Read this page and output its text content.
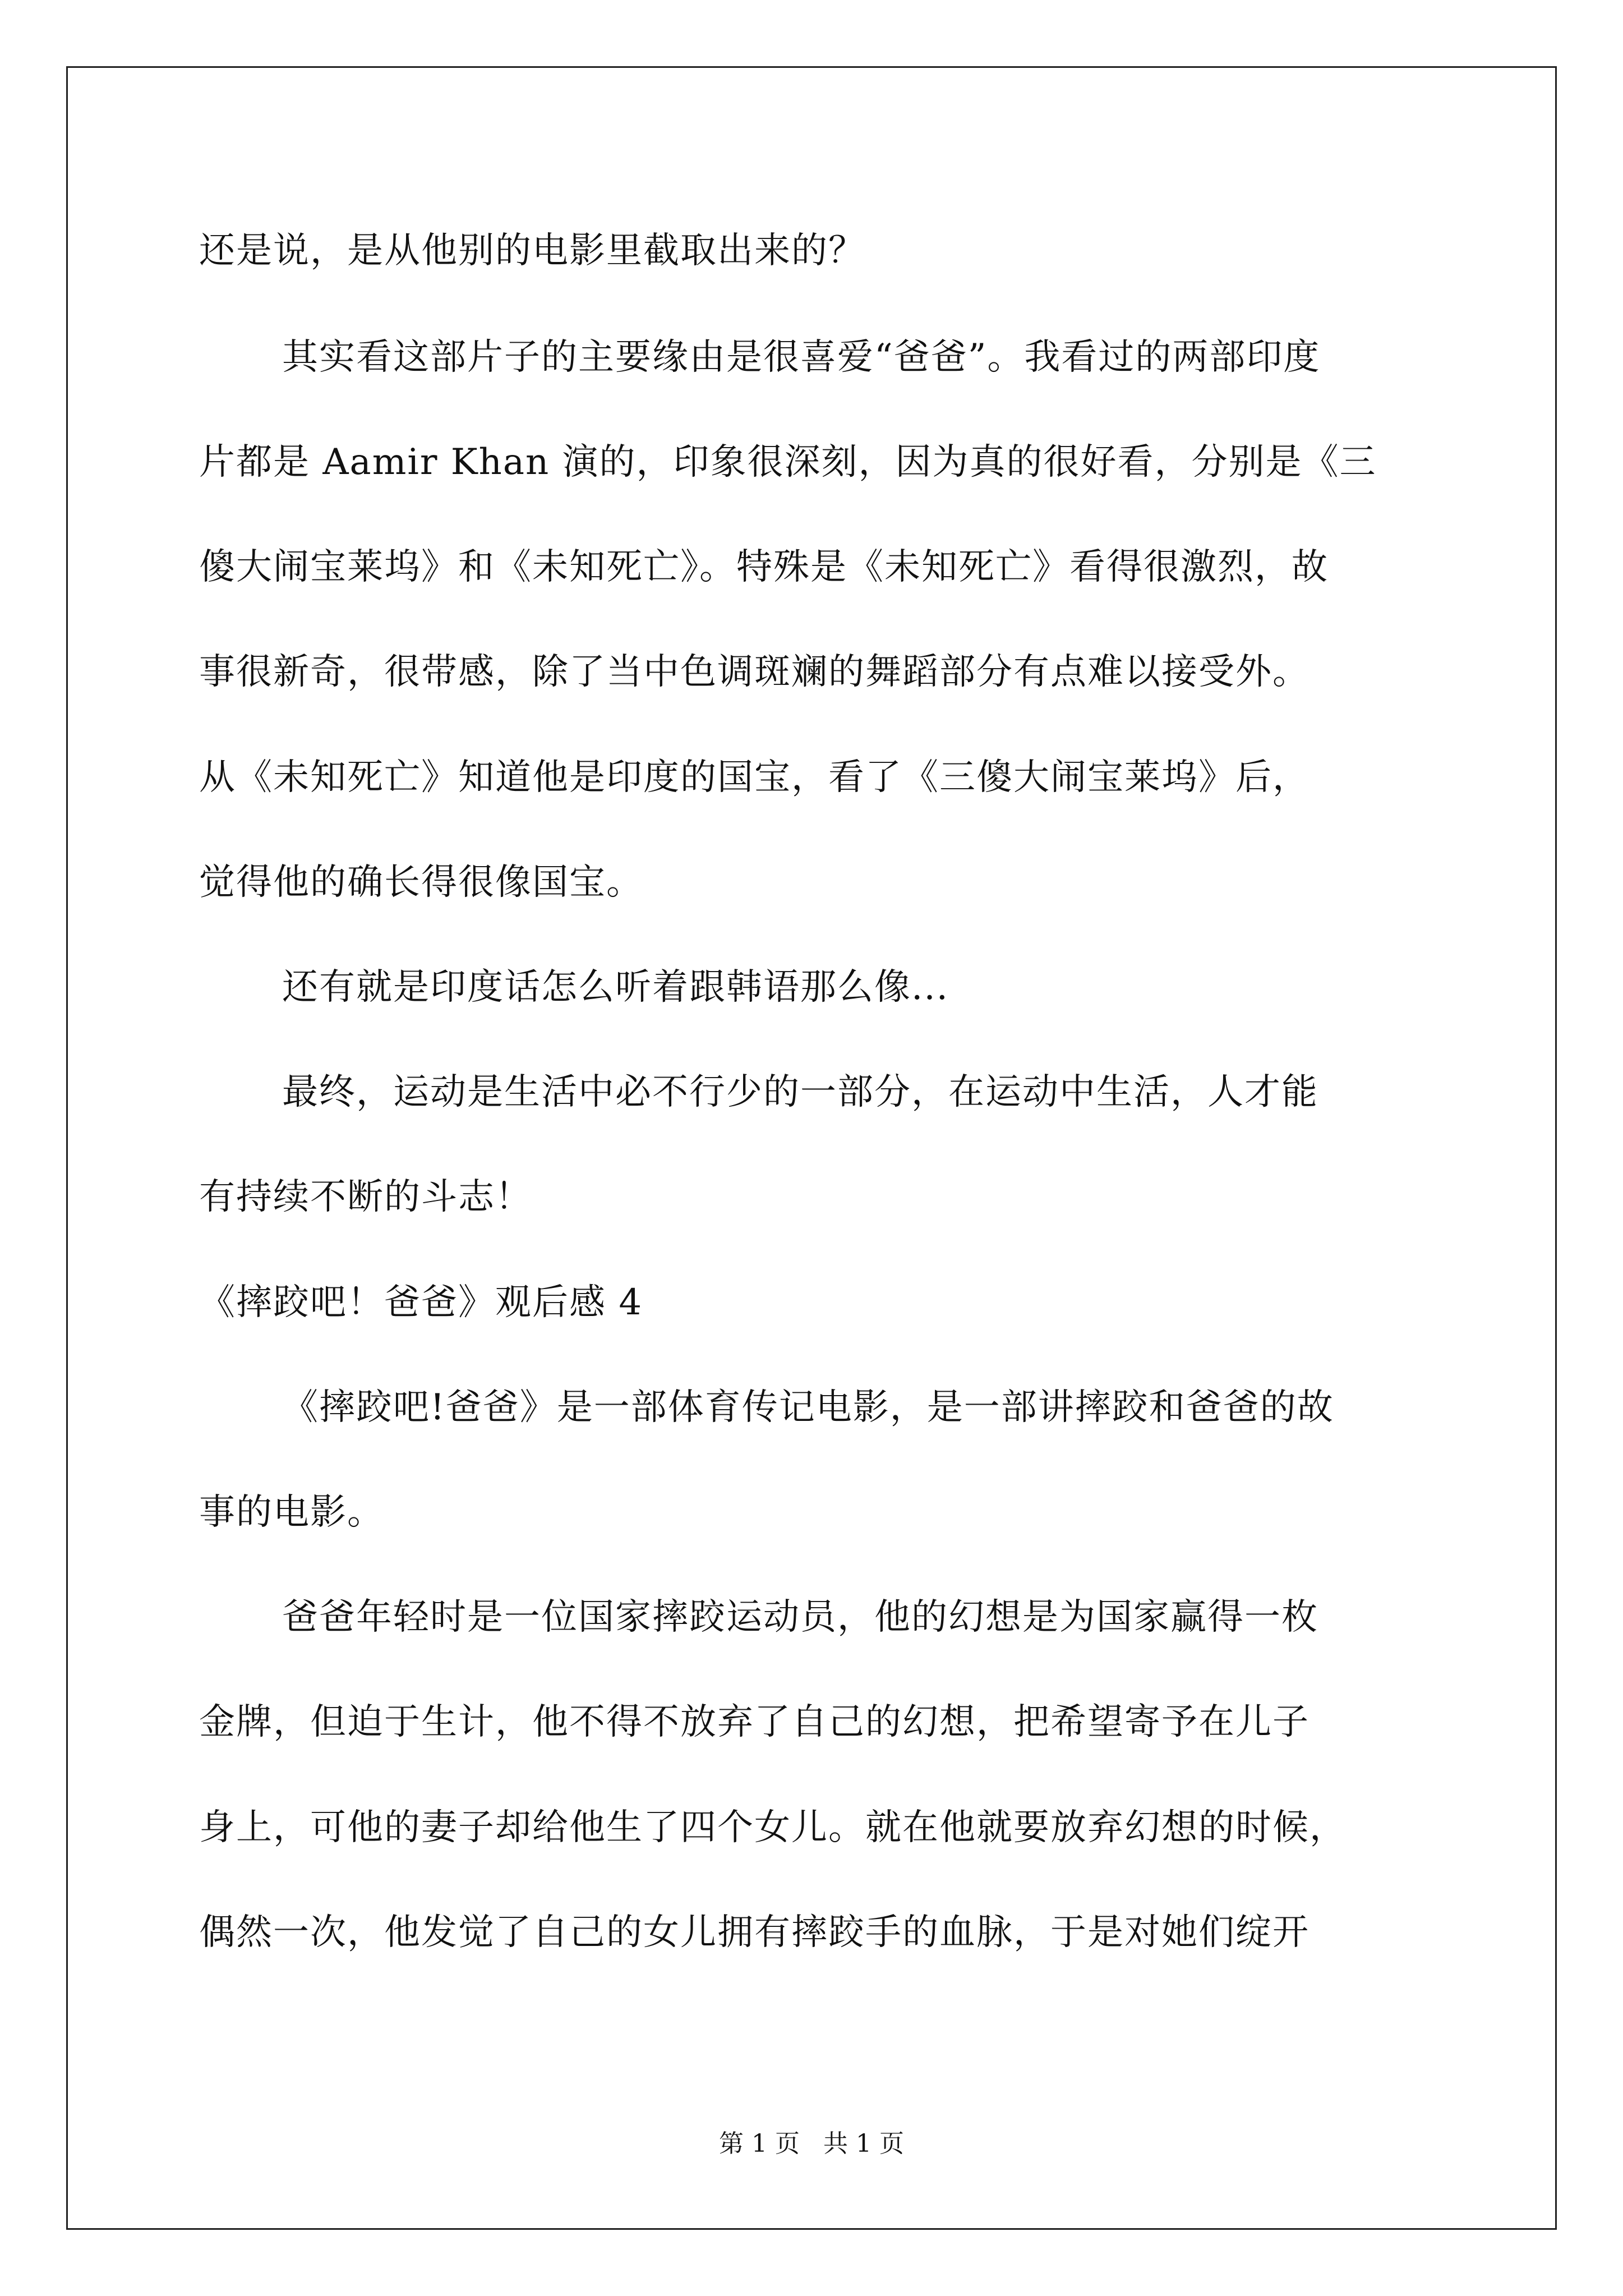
还是说，是从他别的电影里截取出来的？
其实看这部片子的主要缘由是很喜爱“爸爸”。我看过的两部印度
片都是 Aamir Khan 演的，印象很深刻，因为真的很好看，分别是《三
傻大闹宝莱坞》和《未知死亡》。特殊是《未知死亡》看得很激烈，故
事很新奇，很带感，除了当中色调斑斓的舞蹈部分有点难以接受外。
从《未知死亡》知道他是印度的国宝，看了《三傻大闹宝莱坞》后，
觉得他的确长得很像国宝。
还有就是印度话怎么听着跟韩语那么像...
最终，运动是生活中必不行少的一部分，在运动中生活，人才能
有持续不断的斗志！
《摔跤吧！爸爸》观后感 4
《摔跤吧!爸爸》是一部体育传记电影，是一部讲摔跤和爸爸的故
事的电影。
爸爸年轻时是一位国家摔跤运动员，他的幻想是为国家赢得一枚
金牌，但迫于生计，他不得不放弃了自己的幻想，把希望寄予在儿子
身上，可他的妻子却给他生了四个女儿。就在他就要放弃幻想的时候，
偶然一次，他发觉了自己的女儿拥有摔跤手的血脉，于是对她们绽开
第 1 页 共 1 页
